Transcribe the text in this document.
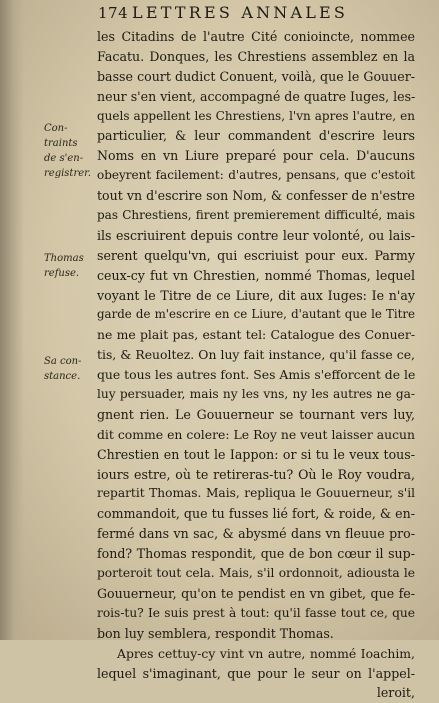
174 LETTRES ANNALES
Con-
traints
de s'en-
registrer.
Thomas
refuse.
Sa con-
stance.
les Citadins de l'autre Cité conioincte, nommee
Facatu. Donques, les Chrestiens assemblez en la
basse court dudict Conuent, voilà, que le Gouuer-
neur s'en vient, accompagné de quatre Iuges, les-
quels appellent les Chrestiens, l'vn apres l'autre, en
particulier, & leur commandent d'escrire leurs
Noms en vn Liure preparé pour cela. D'aucuns
obeyrent facilement: d'autres, pensans, que c'estoit
tout vn d'escrire son Nom, & confesser de n'estre
pas Chrestiens, firent premierement difficulté, mais
ils escriuirent depuis contre leur volonté, ou lais-
serent quelqu'vn, qui escriuist pour eux. Parmy
ceux-cy fut vn Chrestien, nommé Thomas, lequel
voyant le Titre de ce Liure, dit aux Iuges: Ie n'ay
garde de m'escrire en ce Liure, d'autant que le Titre
ne me plait pas, estant tel: Catalogue des Conuer-
tis, & Reuoltez. On luy fait instance, qu'il fasse ce,
que tous les autres font. Ses Amis s'efforcent de le
luy persuader, mais ny les vns, ny les autres ne ga-
gnent rien. Le Gouuerneur se tournant vers luy,
dit comme en colere: Le Roy ne veut laisser aucun
Chrestien en tout le Iappon: or si tu le veux tous-
iours estre, où te retireras-tu? Où le Roy voudra,
repartit Thomas. Mais, repliqua le Gouuerneur, s'il
commandoit, que tu fusses lié fort, & roide, & en-
fermé dans vn sac, & abysmé dans vn fleuue pro-
fond? Thomas respondit, que de bon cœur il sup-
porteroit tout cela. Mais, s'il ordonnoit, adiousta le
Gouuerneur, qu'on te pendist en vn gibet, que fe-
rois-tu? Ie suis prest à tout: qu'il fasse tout ce, que
bon luy semblera, respondit Thomas.
Apres cettuy-cy vint vn autre, nommé Ioachim,
lequel s'imaginant, que pour le seur on l'appel-
leroit,
